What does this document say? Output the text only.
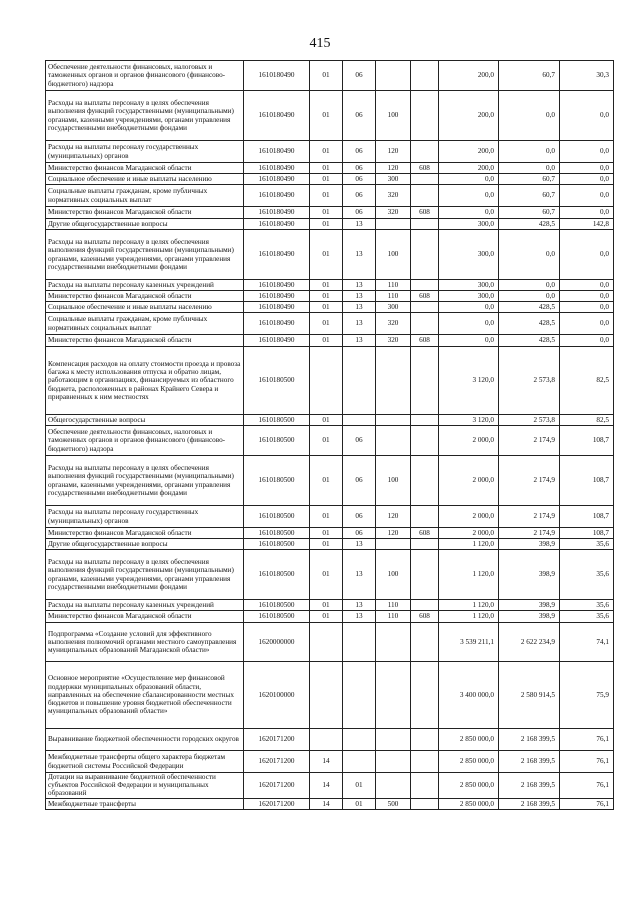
415
Обеспечение деятельности финансовых, налоговых и таможенных органов и органов финансового (финансово-бюджетного) надзора	1610180490	01	06			200,0	60,7	30,3
Расходы на выплаты персоналу в целях обеспечения выполнения функций государственными (муниципальными) органами, казенными учреждениями, органами управления государственными внебюджетными фондами	1610180490	01	06	100		200,0	0,0	0,0
Расходы на выплаты персоналу государственных (муниципальных) органов	1610180490	01	06	120		200,0	0,0	0,0
Министерство финансов Магаданской области	1610180490	01	06	120	608	200,0	0,0	0,0
Социальное обеспечение и иные выплаты населению	1610180490	01	06	300		0,0	60,7	0,0
Социальные выплаты гражданам, кроме публичных нормативных социальных выплат	1610180490	01	06	320		0,0	60,7	0,0
Министерство финансов Магаданской области	1610180490	01	06	320	608	0,0	60,7	0,0
Другие общегосударственные вопросы	1610180490	01	13			300,0	428,5	142,8
Расходы на выплаты персоналу в целях обеспечения выполнения функций государственными (муниципальными) органами, казенными учреждениями, органами управления государственными внебюджетными фондами	1610180490	01	13	100		300,0	0,0	0,0
Расходы на выплаты персоналу казенных учреждений	1610180490	01	13	110		300,0	0,0	0,0
Министерство финансов Магаданской области	1610180490	01	13	110	608	300,0	0,0	0,0
Социальное обеспечение и иные выплаты населению	1610180490	01	13	300		0,0	428,5	0,0
Социальные выплаты гражданам, кроме публичных нормативных социальных выплат	1610180490	01	13	320		0,0	428,5	0,0
Министерство финансов Магаданской области	1610180490	01	13	320	608	0,0	428,5	0,0
Компенсация расходов на оплату стоимости проезда и провоза багажа к месту использования отпуска и обратно лицам, работающим в организациях, финансируемых из областного бюджета, расположенных в районах Крайнего Севера и приравненных к ним местностях	1610180500					3 120,0	2 573,8	82,5
Общегосударственные вопросы	1610180500	01				3 120,0	2 573,8	82,5
Обеспечение деятельности финансовых, налоговых и таможенных органов и органов финансового (финансово-бюджетного) надзора	1610180500	01	06			2 000,0	2 174,9	108,7
Расходы на выплаты персоналу в целях обеспечения выполнения функций государственными (муниципальными) органами, казенными учреждениями, органами управления государственными внебюджетными фондами	1610180500	01	06	100		2 000,0	2 174,9	108,7
Расходы на выплаты персоналу государственных (муниципальных) органов	1610180500	01	06	120		2 000,0	2 174,9	108,7
Министерство финансов Магаданской области	1610180500	01	06	120	608	2 000,0	2 174,9	108,7
Другие общегосударственные вопросы	1610180500	01	13			1 120,0	398,9	35,6
Расходы на выплаты персоналу в целях обеспечения выполнения функций государственными (муниципальными) органами, казенными учреждениями, органами управления государственными внебюджетными фондами	1610180500	01	13	100		1 120,0	398,9	35,6
Расходы на выплаты персоналу казенных учреждений	1610180500	01	13	110		1 120,0	398,9	35,6
Министерство финансов Магаданской области	1610180500	01	13	110	608	1 120,0	398,9	35,6
Подпрограмма «Создание условий для эффективного выполнения полномочий органами местного самоуправления муниципальных образований Магаданской области»	1620000000					3 539 211,1	2 622 234,9	74,1
Основное мероприятие «Осуществление мер финансовой поддержки муниципальных образований области, направленных на обеспечение сбалансированности местных бюджетов и повышение уровня бюджетной обеспеченности муниципальных образований области»	1620100000					3 400 000,0	2 580 914,5	75,9
Выравнивание бюджетной обеспеченности городских округов	1620171200					2 850 000,0	2 168 399,5	76,1
Межбюджетные трансферты общего характера бюджетам бюджетной системы Российской Федерации	1620171200	14				2 850 000,0	2 168 399,5	76,1
Дотации на выравнивание бюджетной обеспеченности субъектов Российской Федерации и муниципальных образований	1620171200	14	01			2 850 000,0	2 168 399,5	76,1
Межбюджетные трансферты	1620171200	14	01	500		2 850 000,0	2 168 399,5	76,1
